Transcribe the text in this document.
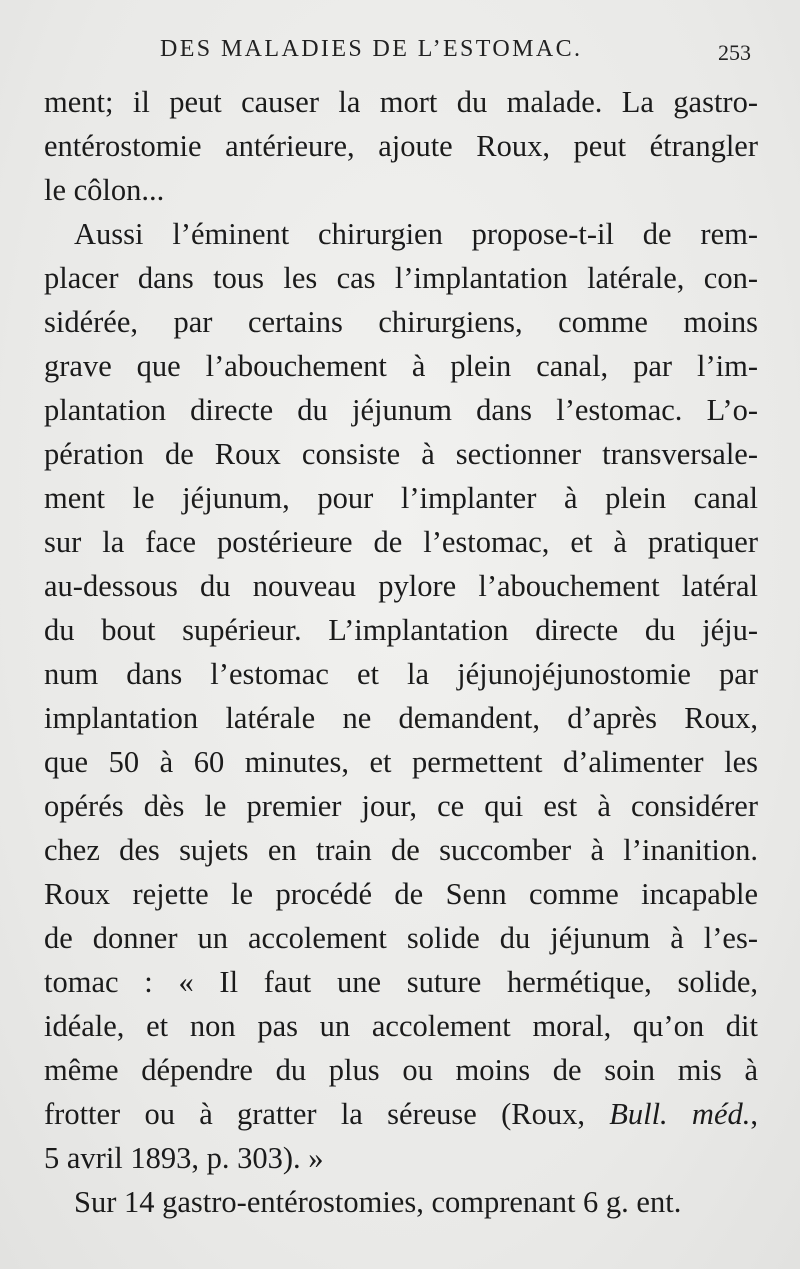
DES MALADIES DE L’ESTOMAC.	253
ment; il peut causer la mort du malade. La gastro-
entérostomie antérieure, ajoute Roux, peut étrangler
le côlon...
Aussi l’éminent chirurgien propose-t-il de rem-
placer dans tous les cas l’implantation latérale, con-
sidérée, par certains chirurgiens, comme moins
grave que l’abouchement à plein canal, par l’im-
plantation directe du jéjunum dans l’estomac. L’o-
pération de Roux consiste à sectionner transversale-
ment le jéjunum, pour l’implanter à plein canal
sur la face postérieure de l’estomac, et à pratiquer
au-dessous du nouveau pylore l’abouchement latéral
du bout supérieur. L’implantation directe du jéju-
num dans l’estomac et la jéjunojéjunostomie par
implantation latérale ne demandent, d’après Roux,
que 50 à 60 minutes, et permettent d’alimenter les
opérés dès le premier jour, ce qui est à considérer
chez des sujets en train de succomber à l’inanition.
Roux rejette le procédé de Senn comme incapable
de donner un accolement solide du jéjunum à l’es-
tomac : « Il faut une suture hermétique, solide,
idéale, et non pas un accolement moral, qu’on dit
même dépendre du plus ou moins de soin mis à
frotter ou à gratter la séreuse (Roux, Bull. méd.,
5 avril 1893, p. 303). »
Sur 14 gastro-entérostomies, comprenant 6 g. ent.
